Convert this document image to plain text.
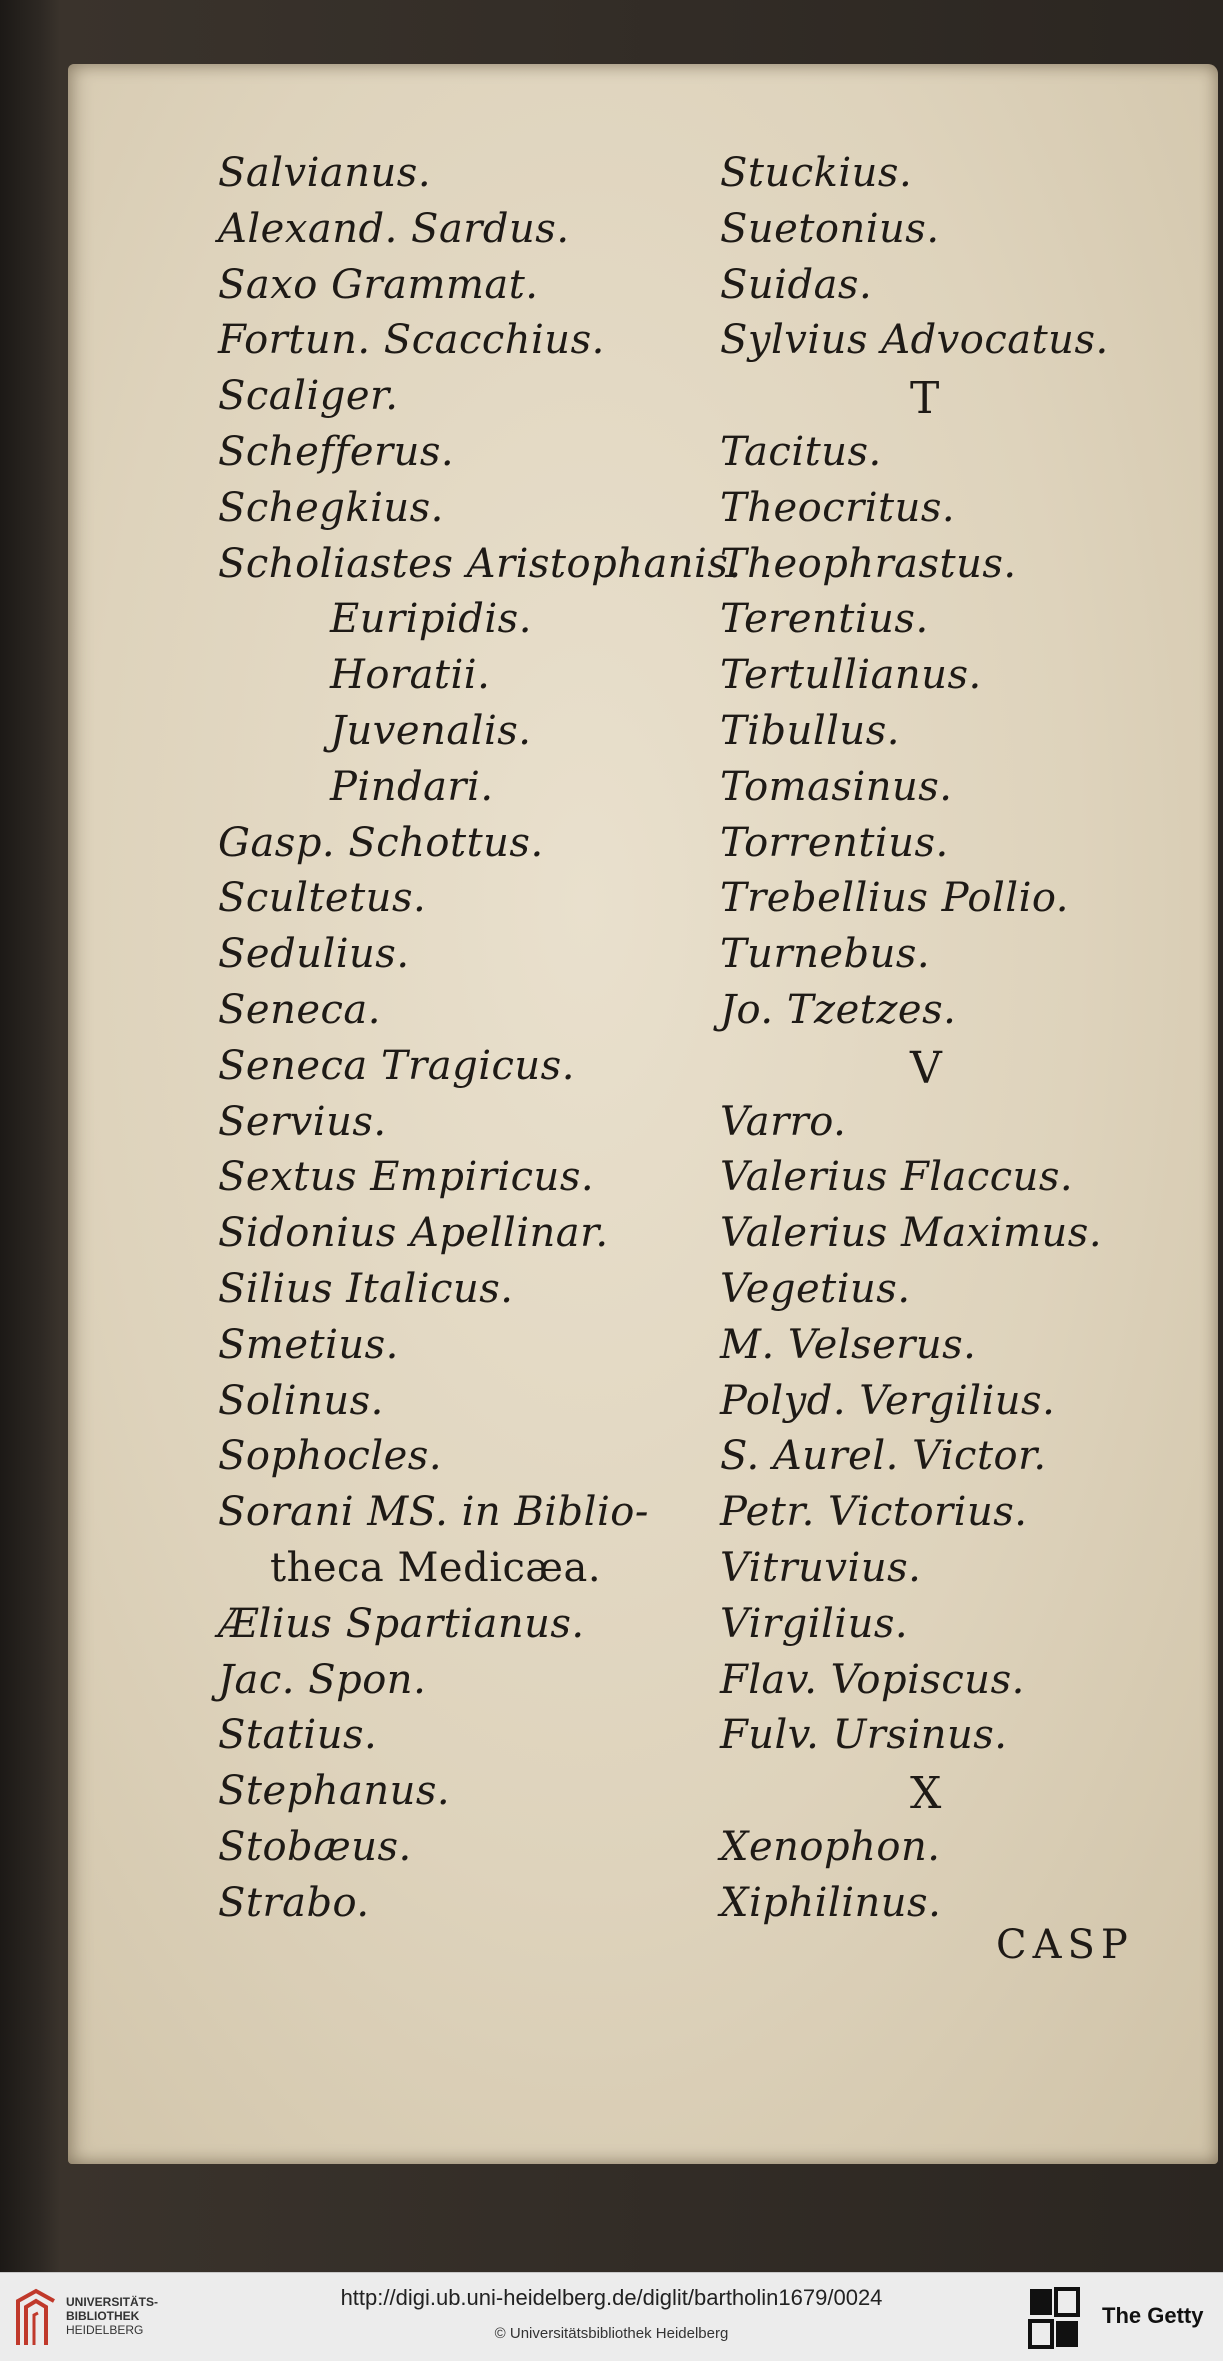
Salvianus.
Alexand. Sardus.
Saxo Grammat.
Fortun. Scacchius.
Scaliger.
Schefferus.
Schegkius.
Scholiastes Aristophanis.
Euripidis.
Horatii.
Juvenalis.
Pindari.
Gasp. Schottus.
Scultetus.
Sedulius.
Seneca.
Seneca Tragicus.
Servius.
Sextus Empiricus.
Sidonius Apellinar.
Silius Italicus.
Smetius.
Solinus.
Sophocles.
Sorani MS. in Biblio-
theca Medicæa.
Ælius Spartianus.
Jac. Spon.
Statius.
Stephanus.
Stobæus.
Strabo.
Stuckius.
Suetonius.
Suidas.
Sylvius Advocatus.
T
Tacitus.
Theocritus.
Theophrastus.
Terentius.
Tertullianus.
Tibullus.
Tomasinus.
Torrentius.
Trebellius Pollio.
Turnebus.
Jo. Tzetzes.
V
Varro.
Valerius Flaccus.
Valerius Maximus.
Vegetius.
M. Velserus.
Polyd. Vergilius.
S. Aurel. Victor.
Petr. Victorius.
Vitruvius.
Virgilius.
Flav. Vopiscus.
Fulv. Ursinus.
X
Xenophon.
Xiphilinus.
CASP
UNIVERSITÄTS-
BIBLIOTHEK
HEIDELBERG
http://digi.ub.uni-heidelberg.de/diglit/bartholin1679/0024
© Universitätsbibliothek Heidelberg
The Getty
